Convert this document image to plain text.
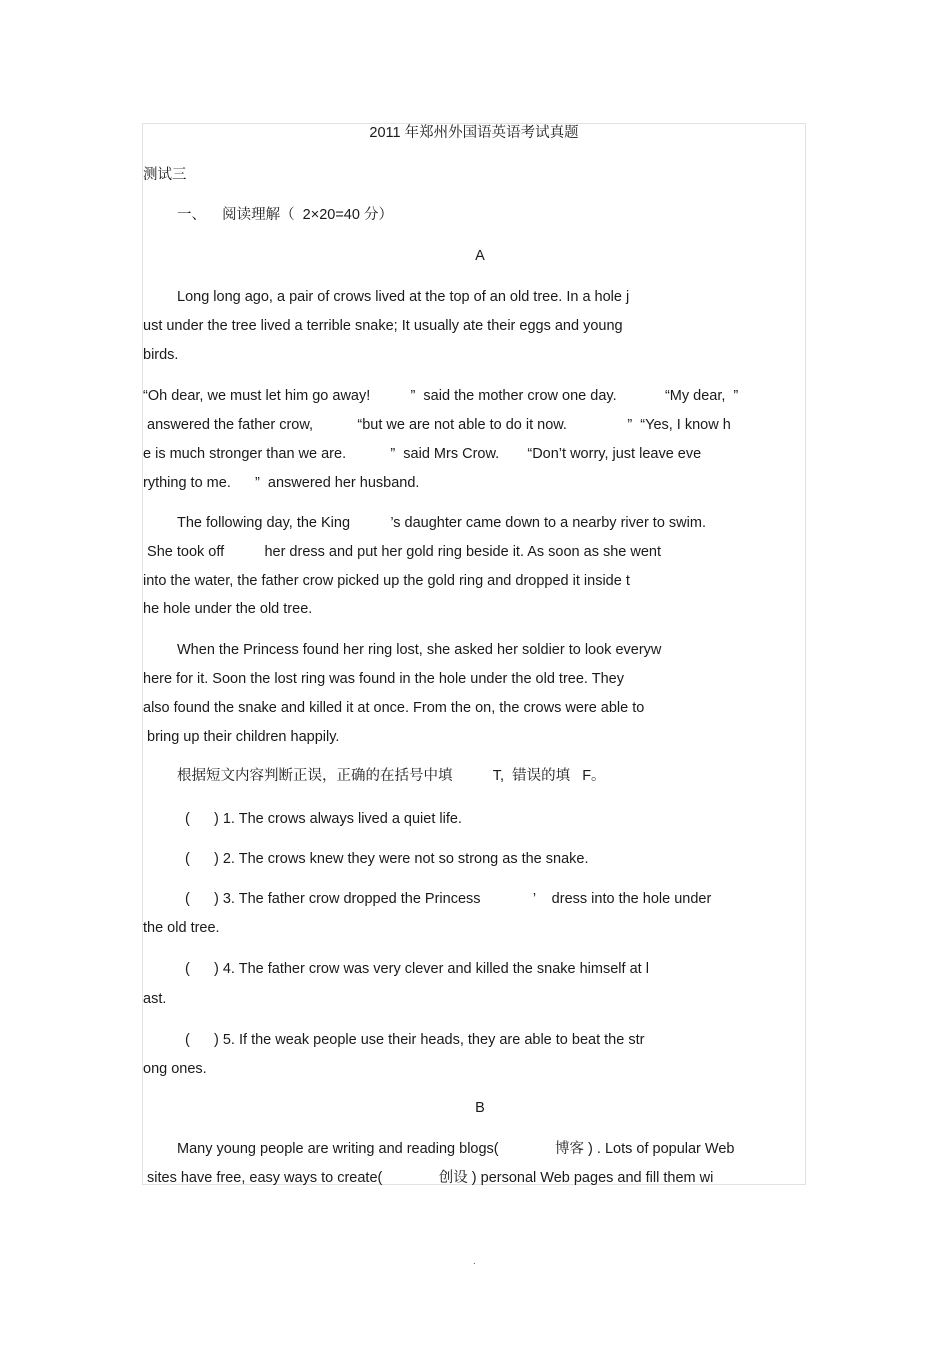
2011 年郑州外国语英语考试真题
测试三
一、    阅读理解（  2×20=40 分）
A
Long long ago, a pair of crows lived at the top of an old tree. In a hole j
ust under the tree lived a terrible snake; It usually ate their eggs and young
birds.
“Oh dear, we must let him go away!          ”  said the mother crow one day.            “My dear,  ”
answered the father crow,           “but we are not able to do it now.               ”  “Yes, I know h
e is much stronger than we are.           ”  said Mrs Crow.       “Don’t worry, just leave eve
rything to me.      ”  answered her husband.
The following day, the King          ’s daughter came down to a nearby river to swim.
She took off          her dress and put her gold ring beside it. As soon as she went
into the water, the father crow picked up the gold ring and dropped it inside t
he hole under the old tree.
When the Princess found her ring lost, she asked her soldier to look everyw
here for it. Soon the lost ring was found in the hole under the old tree. They
also found the snake and killed it at once. From the on, the crows were able to
bring up their children happily.
根据短文内容判断正误，正确的在括号中填          T,  错误的填   F。
(      ) 1. The crows always lived a quiet life.
(      ) 2. The crows knew they were not so strong as the snake.
(      ) 3. The father crow dropped the Princess             ’    dress into the hole under
the old tree.
(      ) 4. The father crow was very clever and killed the snake himself at l
ast.
(      ) 5. If the weak people use their heads, they are able to beat the str
ong ones.
B
Many young people are writing and reading blogs(              博客 ) . Lots of popular Web
sites have free, easy ways to create(              创设 ) personal Web pages and fill them wi
.
